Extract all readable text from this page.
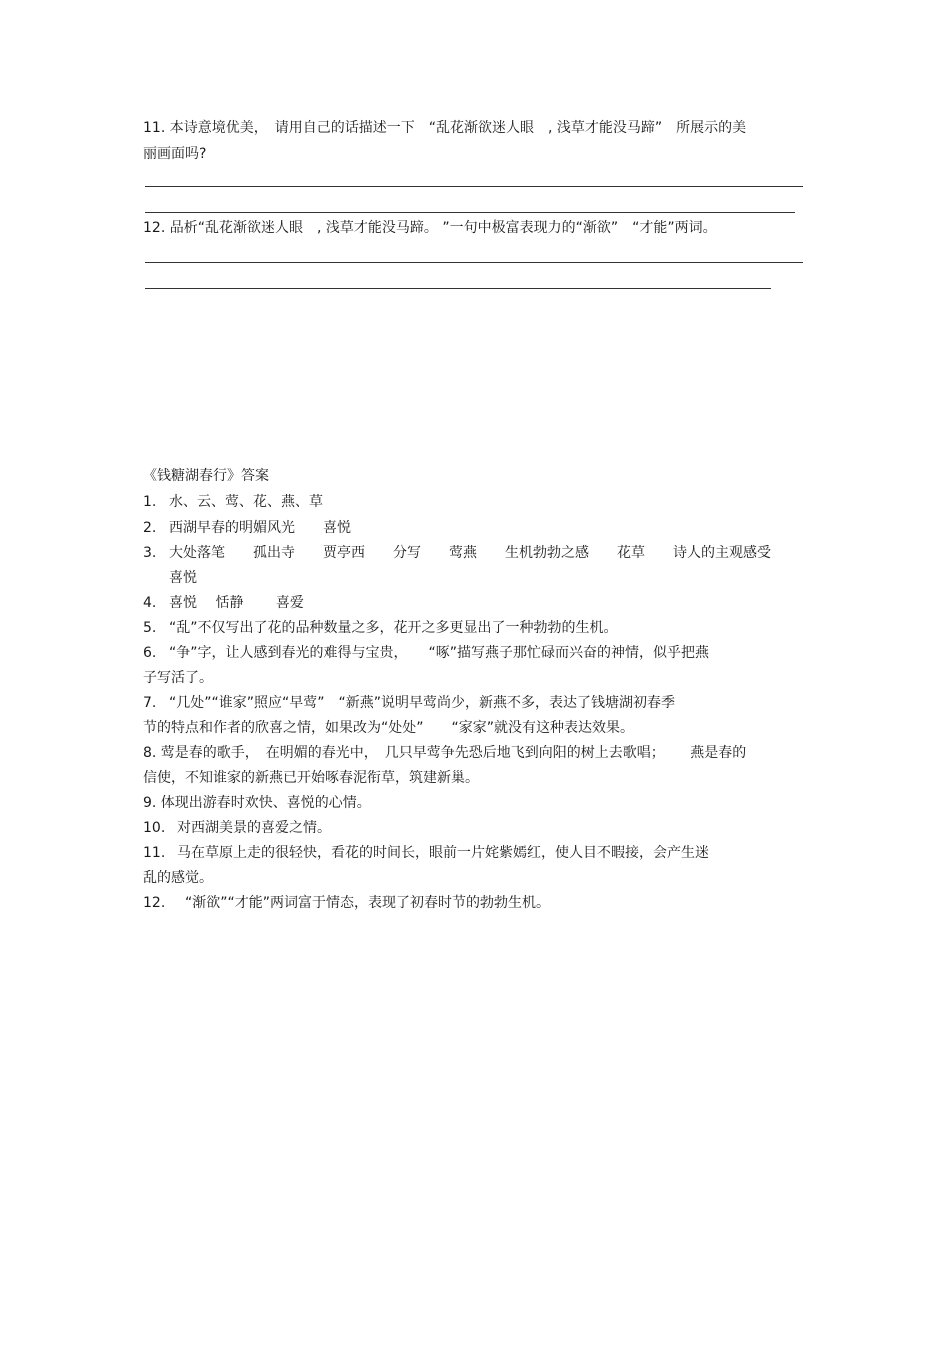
11. 本诗意境优美，　请用自己的话描述一下　“乱花渐欲迷人眼　, 浅草才能没马蹄”　所展示的美
丽画面吗?
12. 品析“乱花渐欲迷人眼　, 浅草才能没马蹄。 ”一句中极富表现力的“渐欲”　“才能”两词。
《钱糖湖春行》答案
1. 水、云、莺、花、燕、草
2. 西湖早春的明媚风光　　喜悦
3. 大处落笔　　孤出寺　　贾亭西　　分写　　莺燕　　生机勃勃之感　　花草　　诗人的主观感受
喜悦
4. 喜悦　 恬静　　 喜爱
5. “乱”不仅写出了花的品种数量之多，花开之多更显出了一种勃勃的生机。
6. “争”字，让人感到春光的难得与宝贵，　　“啄”描写燕子那忙碌而兴奋的神情，似乎把燕
子写活了。
7. “几处”“谁家”照应“早莺”　“新燕”说明早莺尚少，新燕不多，表达了钱塘湖初春季
节的特点和作者的欣喜之情，如果改为“处处”　　“家家”就没有这种表达效果。
8. 莺是春的歌手，　在明媚的春光中，　几只早莺争先恐后地飞到向阳的树上去歌唱；　　 燕是春的
信使，不知谁家的新燕已开始啄春泥衔草，筑建新巢。
9. 体现出游春时欢快、喜悦的心情。
10. 对西湖美景的喜爱之情。
11. 马在草原上走的很轻快，看花的时间长，眼前一片姹紫嫣红，使人目不暇接，会产生迷
乱的感觉。
12. “渐欲”“才能”两词富于情态，表现了初春时节的勃勃生机。
